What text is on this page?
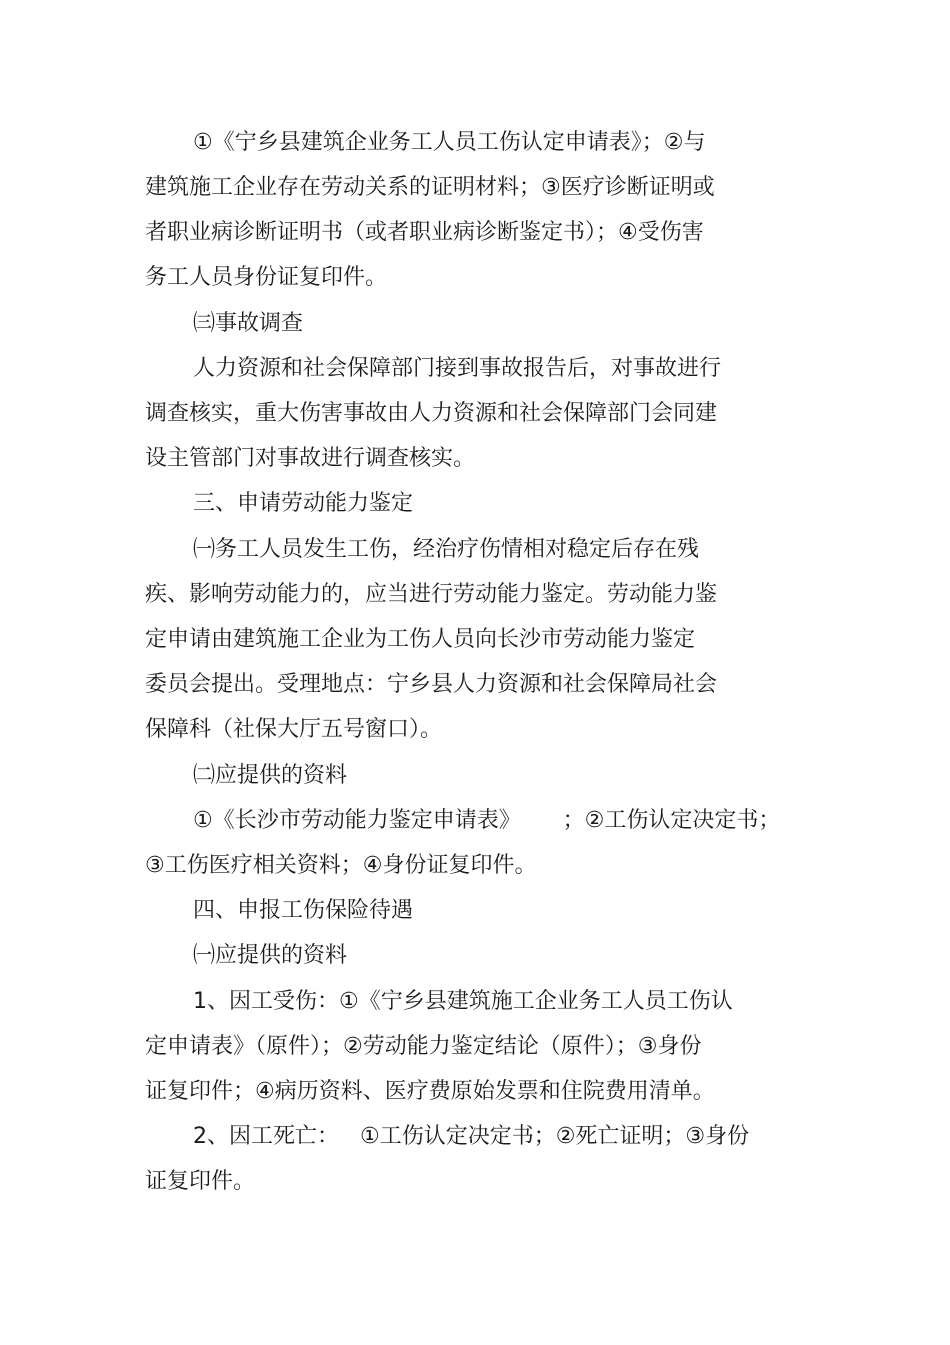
①《宁乡县建筑企业务工人员工伤认定申请表》；②与
建筑施工企业存在劳动关系的证明材料；③医疗诊断证明或
者职业病诊断证明书（或者职业病诊断鉴定书）；④受伤害
务工人员身份证复印件。
㈢事故调查
人力资源和社会保障部门接到事故报告后，对事故进行
调查核实，重大伤害事故由人力资源和社会保障部门会同建
设主管部门对事故进行调查核实。
三、申请劳动能力鉴定
㈠务工人员发生工伤，经治疗伤情相对稳定后存在残
疾、影响劳动能力的，应当进行劳动能力鉴定。劳动能力鉴
定申请由建筑施工企业为工伤人员向长沙市劳动能力鉴定
委员会提出。受理地点：宁乡县人力资源和社会保障局社会
保障科（社保大厅五号窗口）。
㈡应提供的资料
①《长沙市劳动能力鉴定申请表》      ；②工伤认定决定书；
③工伤医疗相关资料；④身份证复印件。
四、申报工伤保险待遇
㈠应提供的资料
1、因工受伤：①《宁乡县建筑施工企业务工人员工伤认
定申请表》（原件）；②劳动能力鉴定结论（原件）；③身份
证复印件；④病历资料、医疗费原始发票和住院费用清单。
2、因工死亡：   ①工伤认定决定书；②死亡证明；③身份
证复印件。
